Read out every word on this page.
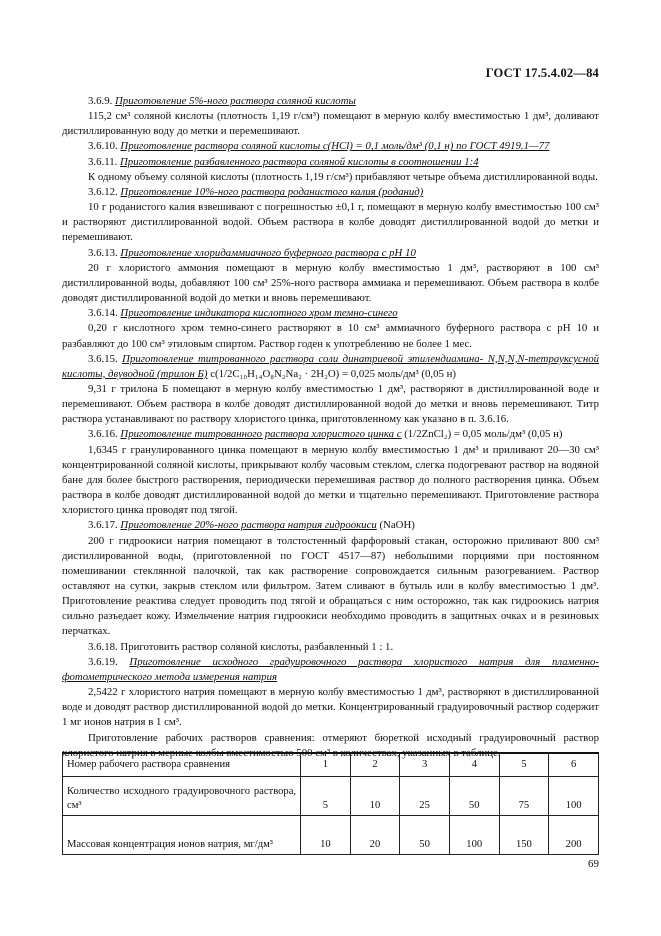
ГОСТ 17.5.4.02—84

3.6.9. Приготовление 5%-ного раствора соляной кислоты

115,2 см³ соляной кислоты (плотность 1,19 г/см³) помещают в мерную колбу вместимостью 1 дм³, доливают дистиллированную воду до метки и перемешивают.

3.6.10. Приготовление раствора соляной кислоты c(HCl) = 0,1 моль/дм³ (0,1 н) по ГОСТ 4919.1—77

3.6.11. Приготовление разбавленного раствора соляной кислоты в соотношении 1:4

К одному объему соляной кислоты (плотность 1,19 г/см³) прибавляют четыре объема дистиллированной воды.

3.6.12. Приготовление 10%-ного раствора роданистого калия (роданид)

10 г роданистого калия взвешивают с погрешностью ±0,1 г, помещают в мерную колбу вместимостью 100 см³ и растворяют дистиллированной водой. Объем раствора в колбе доводят дистиллированной водой до метки и перемешивают.

3.6.13. Приготовление хлоридаммиачного буферного раствора с pH 10

20 г хлористого аммония помещают в мерную колбу вместимостью 1 дм³, растворяют в 100 см³ дистиллированной воды, добавляют 100 см³ 25%-ного раствора аммиака и перемешивают. Объем раствора в колбе доводят дистиллированной водой до метки и вновь перемешивают.

3.6.14. Приготовление индикатора кислотного хром темно-синего

0,20 г кислотного хром темно-синего растворяют в 10 см³ аммиачного буферного раствора с pH 10 и разбавляют до 100 см³ этиловым спиртом. Раствор годен к употреблению не более 1 мес.

3.6.15. Приготовление титрованного раствора соли динатриевой этилендиамина- N,N,N,N-тетрауксусной кислоты, двуводной (трилон Б) c(1/2C₁₀H₁₄O₈N₂Na₂ · 2H₂O) = 0,025 моль/дм³ (0,05 н)

9,31 г трилона Б помещают в мерную колбу вместимостью 1 дм³, растворяют в дистиллированной воде и перемешивают. Объем раствора в колбе доводят дистиллированной водой до метки и вновь перемешивают. Титр раствора устанавливают по раствору хлористого цинка, приготовленному как указано в п. 3.6.16.

3.6.16. Приготовление титрованного раствора хлористого цинка с (1/2ZnCl₂) = 0,05 моль/дм³ (0,05 н)

1,6345 г гранулированного цинка помещают в мерную колбу вместимостью 1 дм³ и приливают 20—30 см³ концентрированной соляной кислоты, прикрывают колбу часовым стеклом, слегка подогревают раствор на водяной бане для более быстрого растворения, периодически перемешивая раствор до полного растворения цинка. Объем раствора в колбе доводят дистиллированной водой до метки и тщательно перемешивают. Приготовление раствора хлористого цинка проводят под тягой.

3.6.17. Приготовление 20%-ного раствора натрия гидроокиси (NaOH)

200 г гидроокиси натрия помещают в толстостенный фарфоровый стакан, осторожно приливают 800 см³ дистиллированной воды, (приготовленной по ГОСТ 4517—87) небольшими порциями при постоянном помешивании стеклянной палочкой, так как растворение сопровождается сильным разогреванием. Раствор оставляют на сутки, закрыв стеклом или фильтром. Затем сливают в бутыль или в колбу вместимостью 1 дм³. Приготовление реактива следует проводить под тягой и обращаться с ним осторожно, так как гидроокись натрия сильно разъедает кожу. Измельчение натрия гидроокиси необходимо проводить в защитных очках и в резиновых перчатках.

3.6.18. Приготовить раствор соляной кислоты, разбавленный 1 : 1.

3.6.19. Приготовление исходного градуировочного раствора хлористого натрия для пламенно-фотометрического метода измерения натрия

2,5422 г хлористого натрия помещают в мерную колбу вместимостью 1 дм³, растворяют в дистиллированной воде и доводят раствор дистиллированной водой до метки. Концентрированный градуировочный раствор содержит 1 мг ионов натрия в 1 см³.

Приготовление рабочих растворов сравнения: отмеряют бюреткой исходный градуировочный раствор хлористого натрия в мерные колбы вместимостью 500 см³ в количествах, указанных в таблице.

Номер рабочего раствора сравнения	1	2	3	4	5	6
Количество исходного градуировочного раствора, см³	5	10	25	50	75	100
Массовая концентрация ионов натрия, мг/дм³	10	20	50	100	150	200
69
